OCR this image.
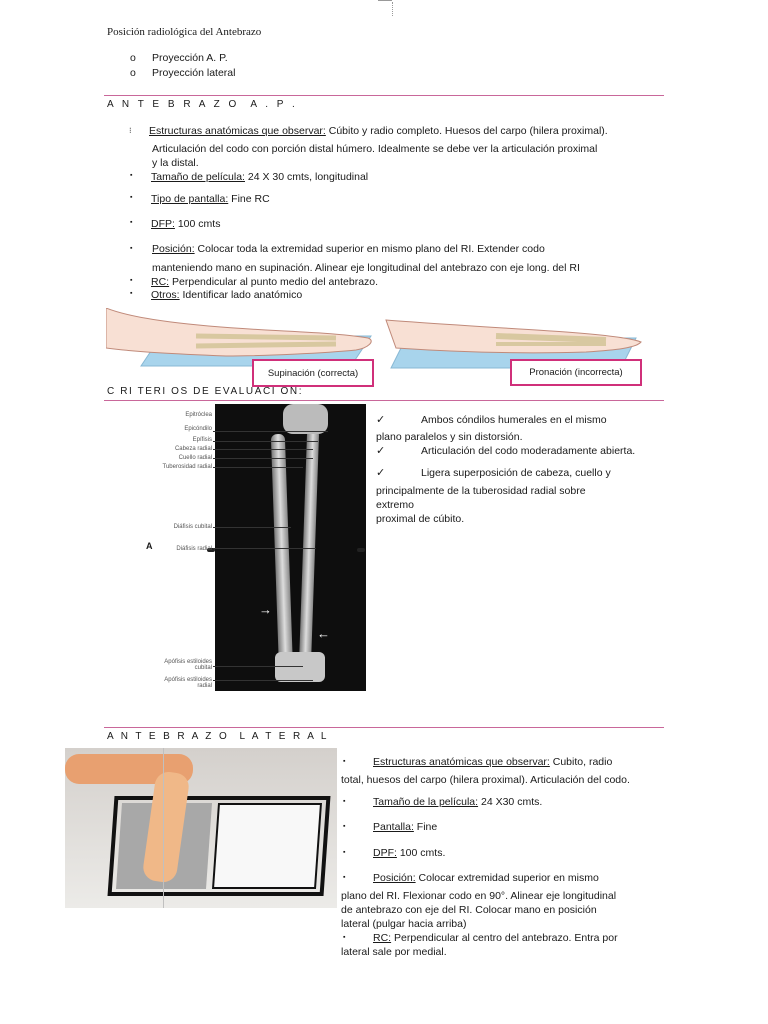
Posición radiológica del Antebrazo
o Proyección A. P.
o Proyección lateral
A N T E B R A Z O  A . P .
⁝ Estructuras anatómicas que observar: Cúbito y radio completo. Huesos del carpo (hilera proximal).
Articulación del codo con porción distal húmero. Idealmente se debe ver la articulación proximal
y la distal.
▪ Tamaño de película: 24 X 30 cmts, longitudinal
▪ Tipo de pantalla: Fine RC
▪ DFP: 100 cmts
▪ Posición: Colocar toda la extremidad superior en mismo plano del RI. Extender codo
manteniendo mano en supinación. Alinear eje longitudinal del antebrazo con eje long. del RI
▪ RC: Perpendicular al punto medio del antebrazo.
▪ Otros: Identificar lado anatómico
Supinación (correcta)	Pronación (incorrecta)
C RI TERI OS DE EVALUACI ON:
→
←
Epitróclea
Epicóndilo
Epífisis
Cabeza radial
Cuello radial
Tuberosidad radial
Diáfisis cubital
Diáfisis radial
Apófisis estiloides cubital
Apófisis estiloides radial
A
✓	Ambos cóndilos humerales en el mismo
plano paralelos y sin distorsión.
✓	Articulación del codo moderadamente abierta.
✓	Ligera superposición de cabeza, cuello y
principalmente de la tuberosidad radial sobre
extremo
proximal de cúbito.
A N T E B R A Z O  L A T E R A L
▪	Estructuras anatómicas que observar: Cubito, radio
total, huesos del carpo (hilera proximal). Articulación del codo.
▪	Tamaño de la película: 24 X30 cmts.
▪	Pantalla: Fine
▪	DPF: 100 cmts.
▪	Posición: Colocar extremidad superior en mismo
plano del RI. Flexionar codo en 90°. Alinear eje longitudinal
de antebrazo con eje del RI. Colocar mano en posición
lateral (pulgar hacia arriba)
▪	RC: Perpendicular al centro del antebrazo. Entra por
lateral sale por medial.
